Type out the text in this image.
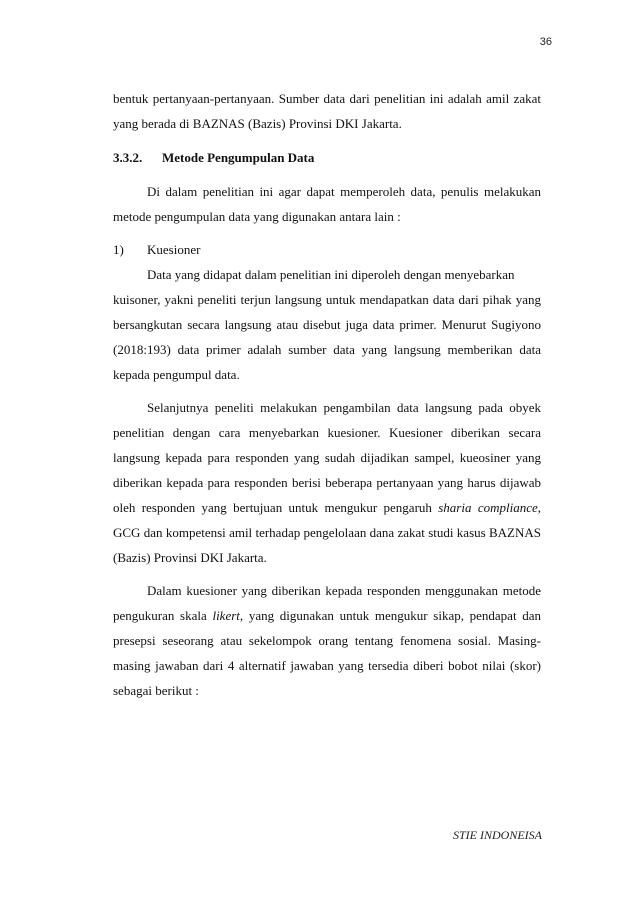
36

bentuk pertanyaan-pertanyaan. Sumber data dari penelitian ini adalah amil zakat yang berada di BAZNAS (Bazis) Provinsi DKI Jakarta.

3.3.2. Metode Pengumpulan Data

Di dalam penelitian ini agar dapat memperoleh data, penulis melakukan metode pengumpulan data yang digunakan antara lain :

1) Kuesioner

Data yang didapat dalam penelitian ini diperoleh dengan menyebarkan
kuisoner, yakni peneliti terjun langsung untuk mendapatkan data dari pihak yang bersangkutan secara langsung atau disebut juga data primer. Menurut Sugiyono (2018:193) data primer adalah sumber data yang langsung memberikan data kepada pengumpul data.

Selanjutnya peneliti melakukan pengambilan data langsung pada obyek penelitian dengan cara menyebarkan kuesioner. Kuesioner diberikan secara langsung kepada para responden yang sudah dijadikan sampel, kueosiner yang diberikan kepada para responden berisi beberapa pertanyaan yang harus dijawab oleh responden yang bertujuan untuk mengukur pengaruh sharia compliance, GCG dan kompetensi amil terhadap pengelolaan dana zakat studi kasus BAZNAS (Bazis) Provinsi DKI Jakarta.

Dalam kuesioner yang diberikan kepada responden menggunakan metode pengukuran skala likert, yang digunakan untuk mengukur sikap, pendapat dan presepsi seseorang atau sekelompok orang tentang fenomena sosial. Masing-masing jawaban dari 4 alternatif jawaban yang tersedia diberi bobot nilai (skor) sebagai berikut :

STIE INDONEISA
